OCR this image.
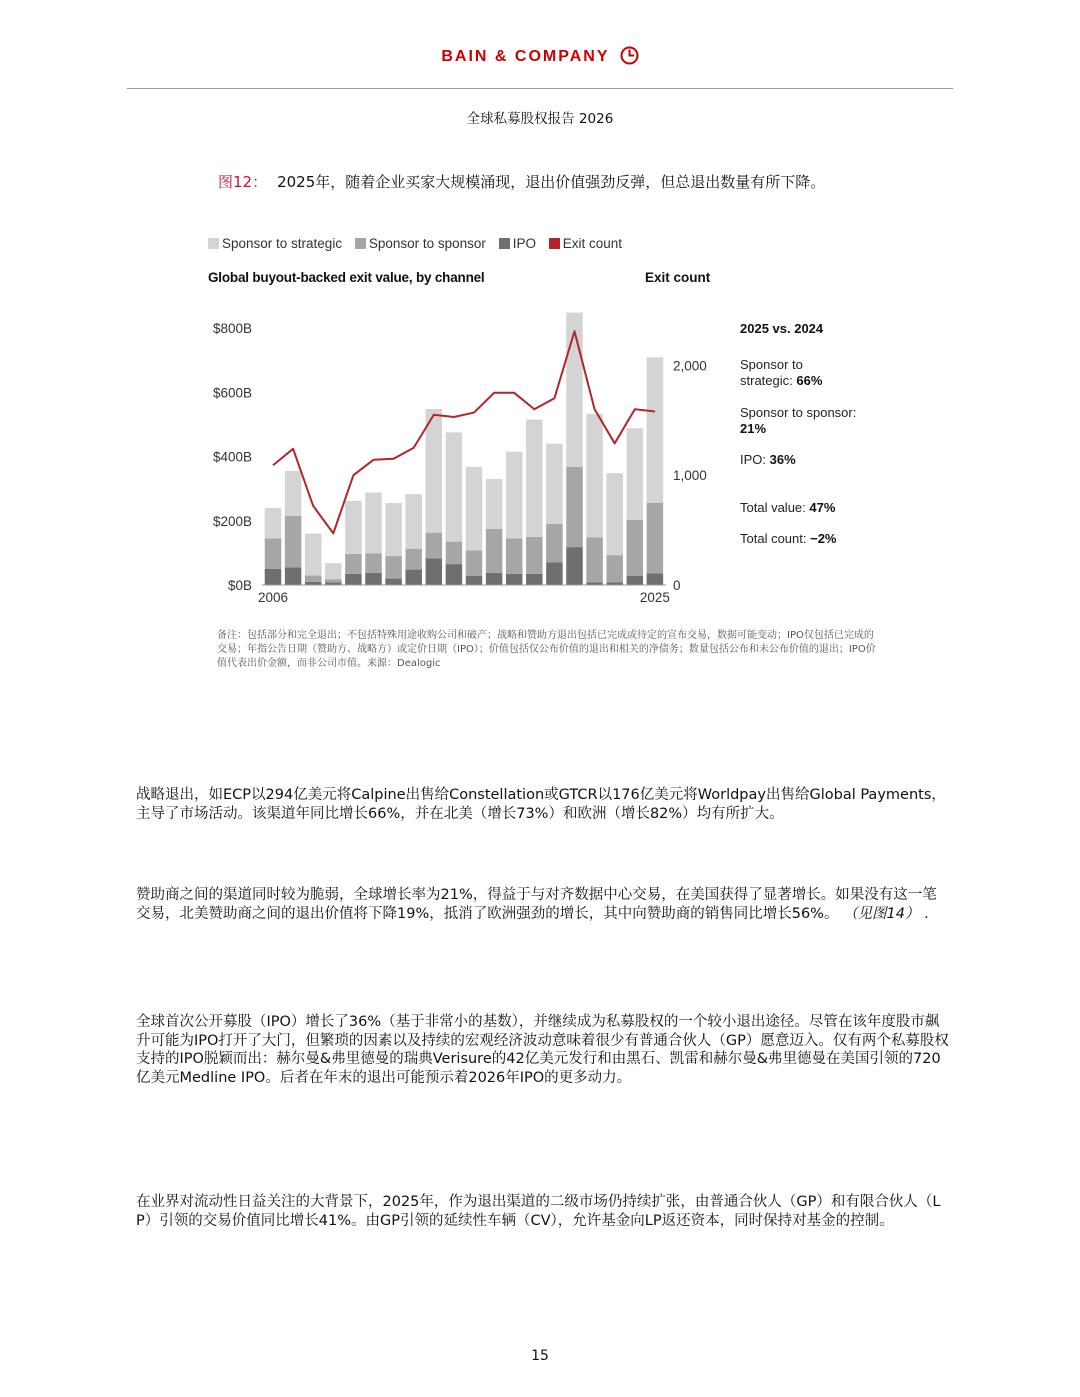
BAIN & COMPANY
全球私募股权报告 2026
图12： 2025年，随着企业买家大规模涌现，退出价值强劲反弹，但总退出数量有所下降。
Sponsor to strategic Sponsor to sponsor IPO Exit count
Global buyout-backed exit value, by channel	Exit count
$0B
$200B
$400B
$600B
$800B
0
1,000
2,000
2006	2025
2025 vs. 2024
Sponsor to
strategic: 66%
Sponsor to sponsor:
21%
IPO: 36%
Total value: 47%
Total count: −2%
备注：包括部分和完全退出；不包括特殊用途收购公司和破产；战略和赞助方退出包括已完成或待定的宣布交易，数据可能变动；IPO仅包括已完成的交易；年指公告日期（赞助方、战略方）或定价日期（IPO）；价值包括仅公布价值的退出和相关的净债务；数量包括公布和未公布价值的退出；IPO价值代表出价金额，而非公司市值。来源：Dealogic
战略退出，如ECP以294亿美元将Calpine出售给Constellation或GTCR以176亿美元将Worldpay出售给Global Payments，主导了市场活动。该渠道年同比增长66%，并在北美（增长73%）和欧洲（增长82%）均有所扩大。
赞助商之间的渠道同时较为脆弱，全球增长率为21%，得益于与对齐数据中心交易，在美国获得了显著增长。如果没有这一笔交易，北美赞助商之间的退出价值将下降19%，抵消了欧洲强劲的增长，其中向赞助商的销售同比增长56%。 （见图14） .
全球首次公开募股（IPO）增长了36%（基于非常小的基数），并继续成为私募股权的一个较小退出途径。尽管在该年度股市飙升可能为IPO打开了大门，但繁琐的因素以及持续的宏观经济波动意味着很少有普通合伙人（GP）愿意迈入。仅有两个私募股权支持的IPO脱颖而出：赫尔曼&弗里德曼的瑞典Verisure的42亿美元发行和由黑石、凯雷和赫尔曼&弗里德曼在美国引领的720亿美元Medline IPO。后者在年末的退出可能预示着2026年IPO的更多动力。
在业界对流动性日益关注的大背景下，2025年，作为退出渠道的二级市场仍持续扩张，由普通合伙人（GP）和有限合伙人（LP）引领的交易价值同比增长41%。由GP引领的延续性车辆（CV），允许基金向LP返还资本，同时保持对基金的控制。
15
